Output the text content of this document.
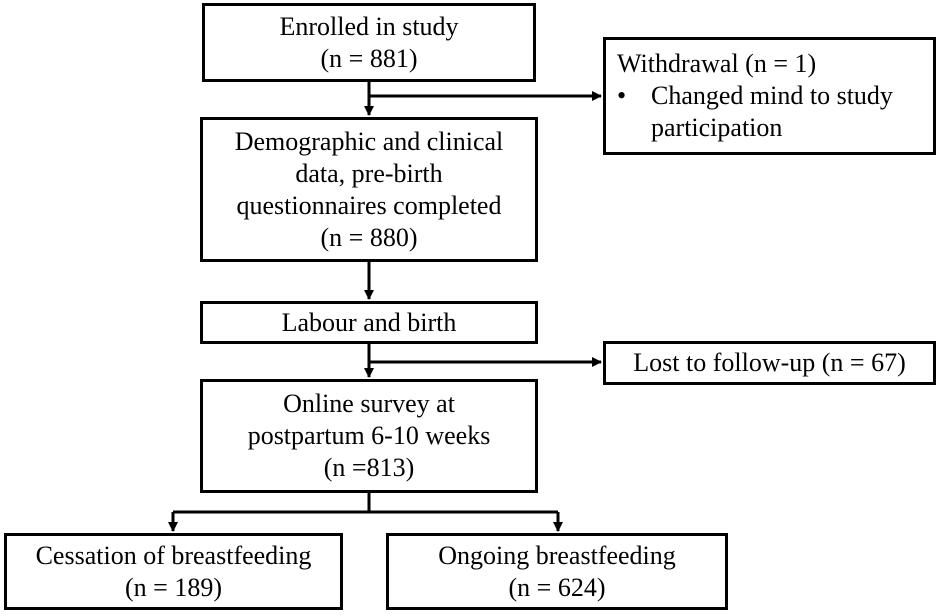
Enrolled in study
(n = 881)	Withdrawal (n = 1)
• Changed mind to study
participation
Demographic and clinical
data, pre-birth
questionnaires completed
(n = 880)
Labour and birth
Lost to follow-up (n = 67)
Online survey at
postpartum 6-10 weeks
(n =813)
Cessation of breastfeeding
(n = 189)
Ongoing breastfeeding
(n = 624)
